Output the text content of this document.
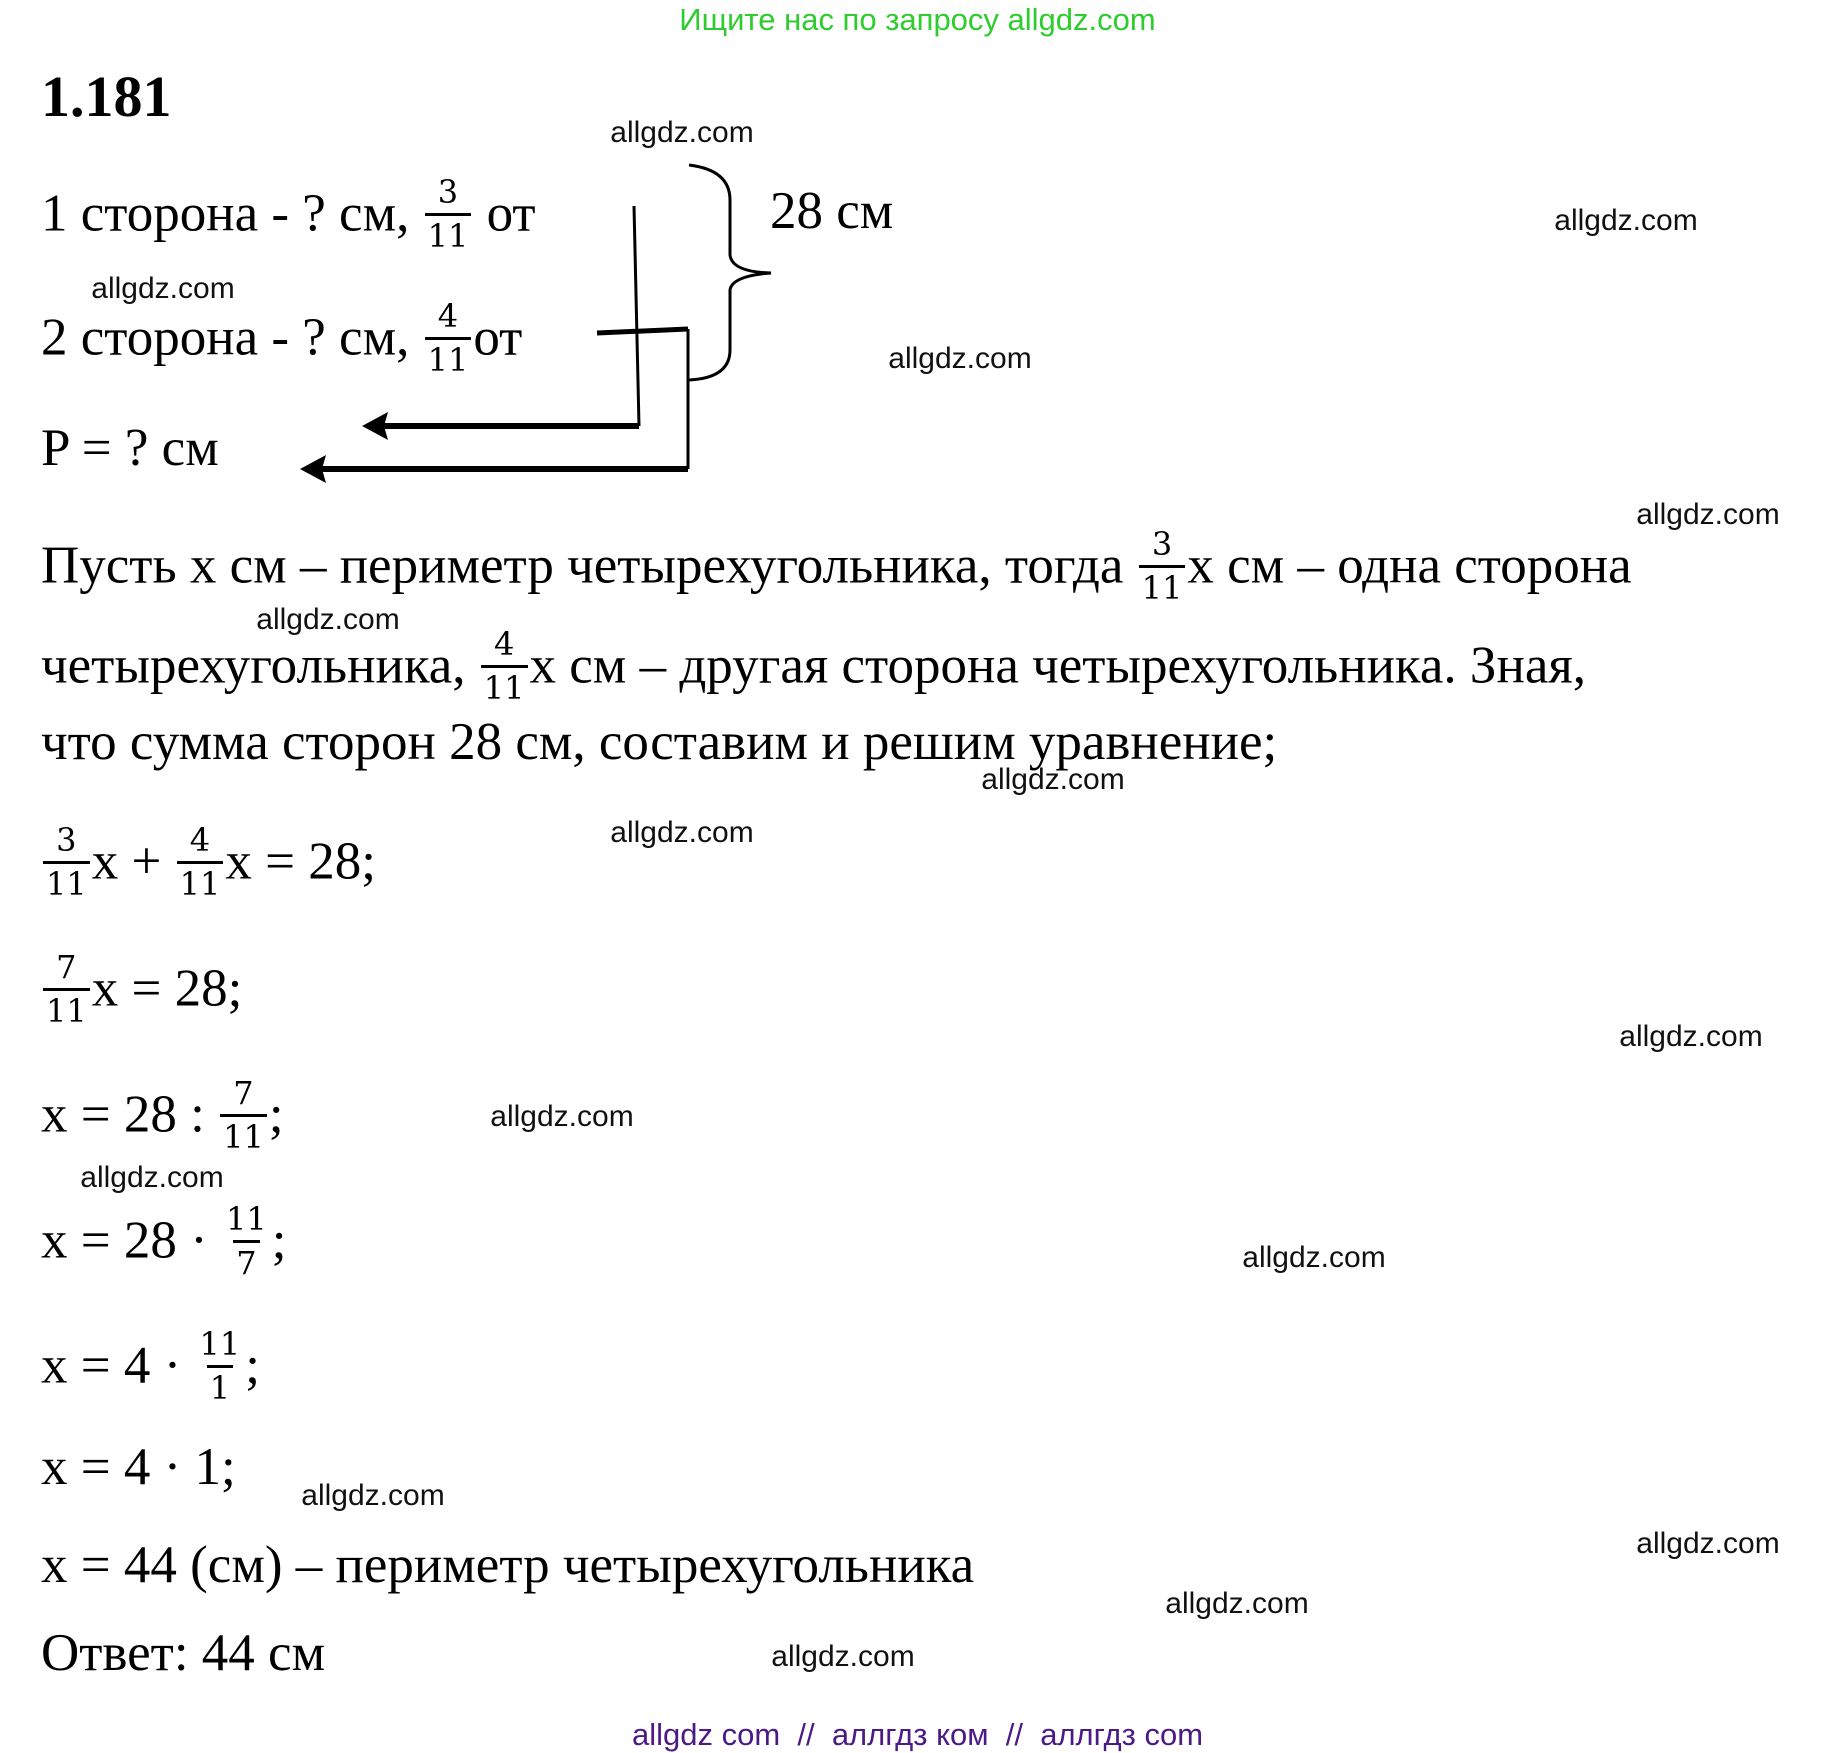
Ищите нас по запросу allgdz.com
1.181
1 сторона - ? см, $\frac{3}{11}$ от
2 сторона - ? см, $\frac{4}{11}$ от
P = ? см
28 см
Пусть x см – периметр четырехугольника, тогда $\frac{3}{11}$ x см – одна сторона
четырехугольника, $\frac{4}{11}$ x см – другая сторона четырехугольника. Зная,
что сумма сторон 28 см, составим и решим уравнение;
$\frac{3}{11}$ $x + \frac{4}{11}$ x = 28;
$\frac{7}{11}$ x = 28;
x = 28 : $\frac{7}{11}$ ;
$x = 28 \cdot \frac{11}{7}$ ;
$x = 4 \cdot \frac{11}{1}$ ;
x = 4 · 1;
x = 44 (см) – периметр четырехугольника
Ответ: 44 см
allgdz.com
allgdz.com
allgdz.com
allgdz.com
allgdz.com
allgdz.com
allgdz.com
allgdz.com
allgdz.com
allgdz.com
allgdz.com
allgdz.com
allgdz.com
allgdz.com
allgdz.com
allgdz.com
allgdz com  //  аллгдз ком  //  аллгдз com
